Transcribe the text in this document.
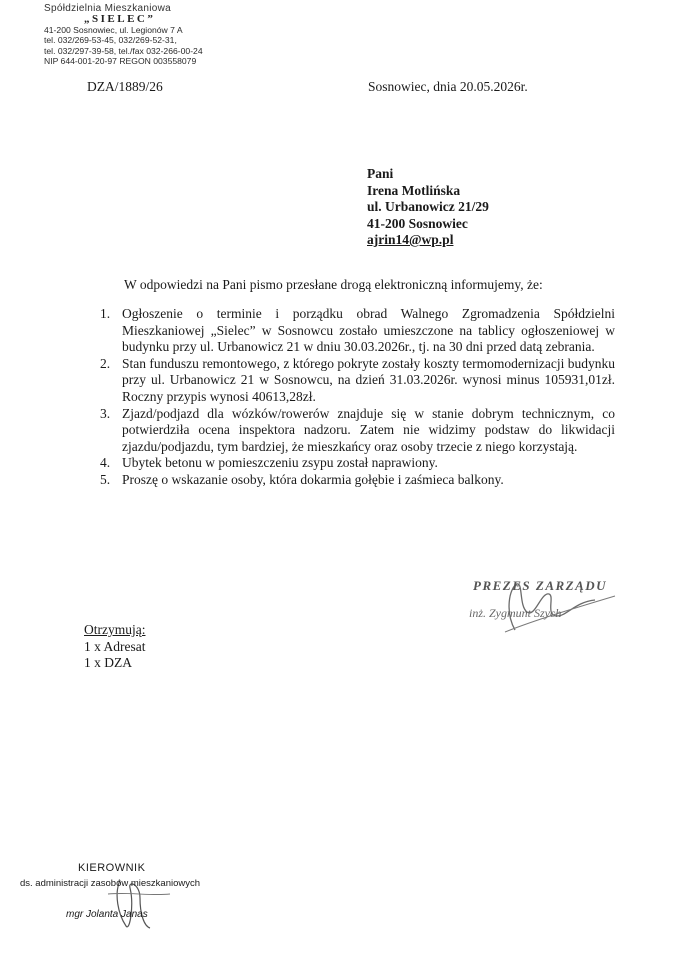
Spółdzielnia Mieszkaniowa
„SIELEC”
41-200 Sosnowiec, ul. Legionów 7 A
tel. 032/269-53-45, 032/269-52-31,
tel. 032/297-39-58, tel./fax 032-266-00-24
NIP 644-001-20-97 REGON 003558079
DZA/1889/26	Sosnowiec, dnia 20.05.2026r.
Pani
Irena Motlińska
ul. Urbanowicz 21/29
41-200 Sosnowiec
ajrin14@wp.pl
W odpowiedzi na Pani pismo przesłane drogą elektroniczną informujemy, że:
1. Ogłoszenie o terminie i porządku obrad Walnego Zgromadzenia Spółdzielni Mieszkaniowej „Sielec” w Sosnowcu zostało umieszczone na tablicy ogłoszeniowej w budynku przy ul. Urbanowicz 21 w dniu 30.03.2026r., tj. na 30 dni przed datą zebrania.
2. Stan funduszu remontowego, z którego pokryte zostały koszty termomodernizacji budynku przy ul. Urbanowicz 21 w Sosnowcu, na dzień 31.03.2026r. wynosi minus 105931,01zł. Roczny przypis wynosi 40613,28zł.
3. Zjazd/podjazd dla wózków/rowerów znajduje się w stanie dobrym technicznym, co potwierdziła ocena inspektora nadzoru. Zatem nie widzimy podstaw do likwidacji zjazdu/podjazdu, tym bardziej, że mieszkańcy oraz osoby trzecie z niego korzystają.
4. Ubytek betonu w pomieszczeniu zsypu został naprawiony.
5. Proszę o wskazanie osoby, która dokarmia gołębie i zaśmieca balkony.
PREZES ZARZĄDU
inż. Zygmunt Szych
Otrzymują:
1 x Adresat
1 x DZA
KIEROWNIK
ds. administracji zasobów mieszkaniowych
mgr Jolanta Janas
